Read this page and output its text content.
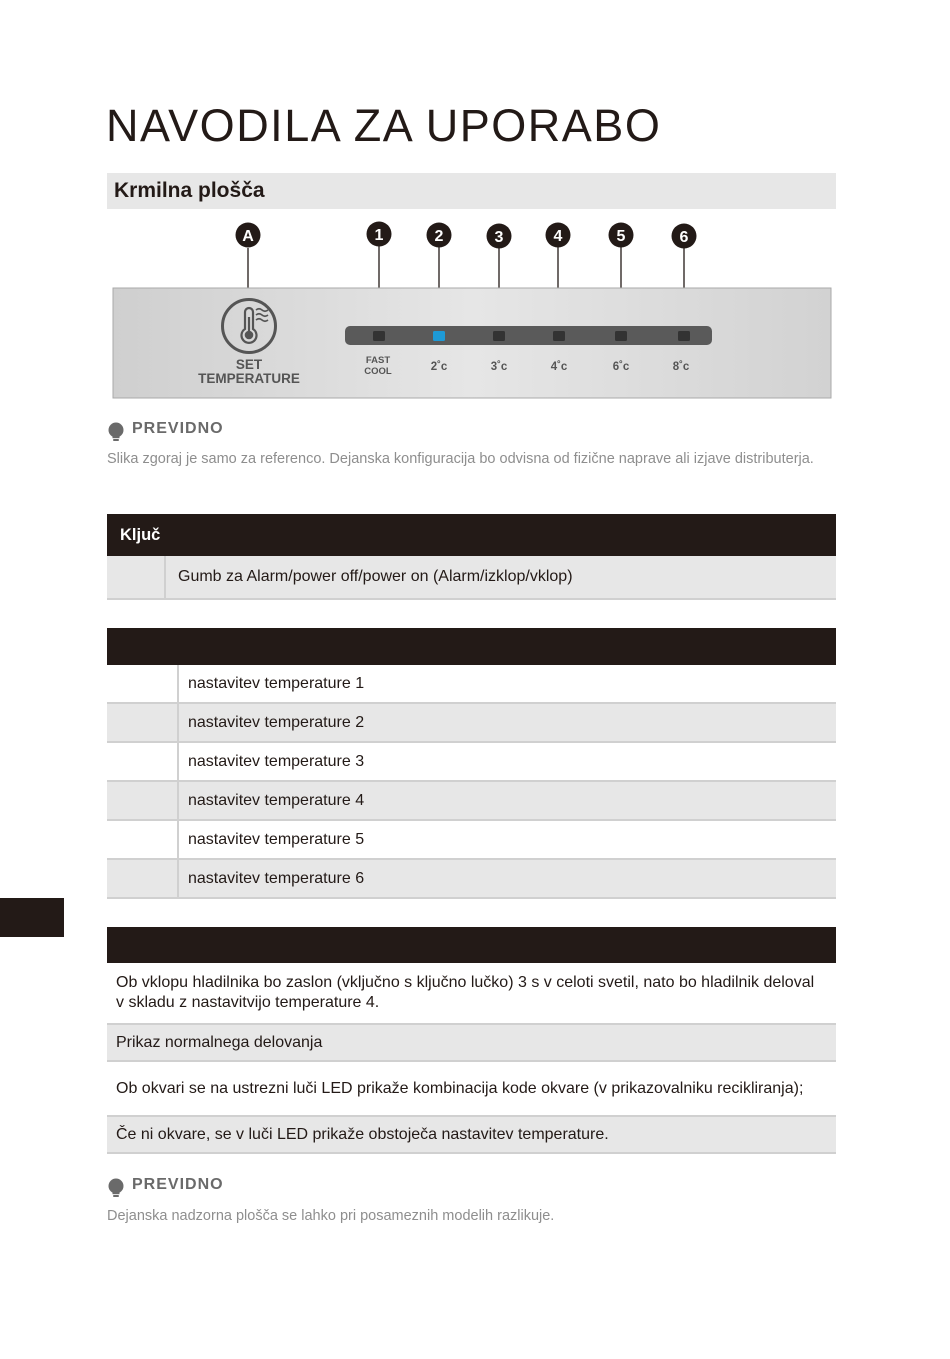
NAVODILA ZA UPORABO
Krmilna plošča
A	1	2	3	4	5	6
SET
TEMPERATURE
FAST
COOL	2˚c	3˚c	4˚c	6˚c	8˚c
PREVIDNO
Slika zgoraj je samo za referenco. Dejanska konfiguracija bo odvisna od fizične naprave ali izjave distributerja.
Ključ
Gumb za Alarm/power off/power on (Alarm/izklop/vklop)
nastavitev temperature 1
nastavitev temperature 2
nastavitev temperature 3
nastavitev temperature 4
nastavitev temperature 5
nastavitev temperature 6
Ob vklopu hladilnika bo zaslon (vključno s ključno lučko) 3 s v celoti svetil, nato bo hladilnik deloval v skladu z nastavitvijo temperature 4.
Prikaz normalnega delovanja
Ob okvari se na ustrezni luči LED prikaže kombinacija kode okvare (v prikazovalniku recikliranja);
Če ni okvare, se v luči LED prikaže obstoječa nastavitev temperature.
PREVIDNO
Dejanska nadzorna plošča se lahko pri posameznih modelih razlikuje.
